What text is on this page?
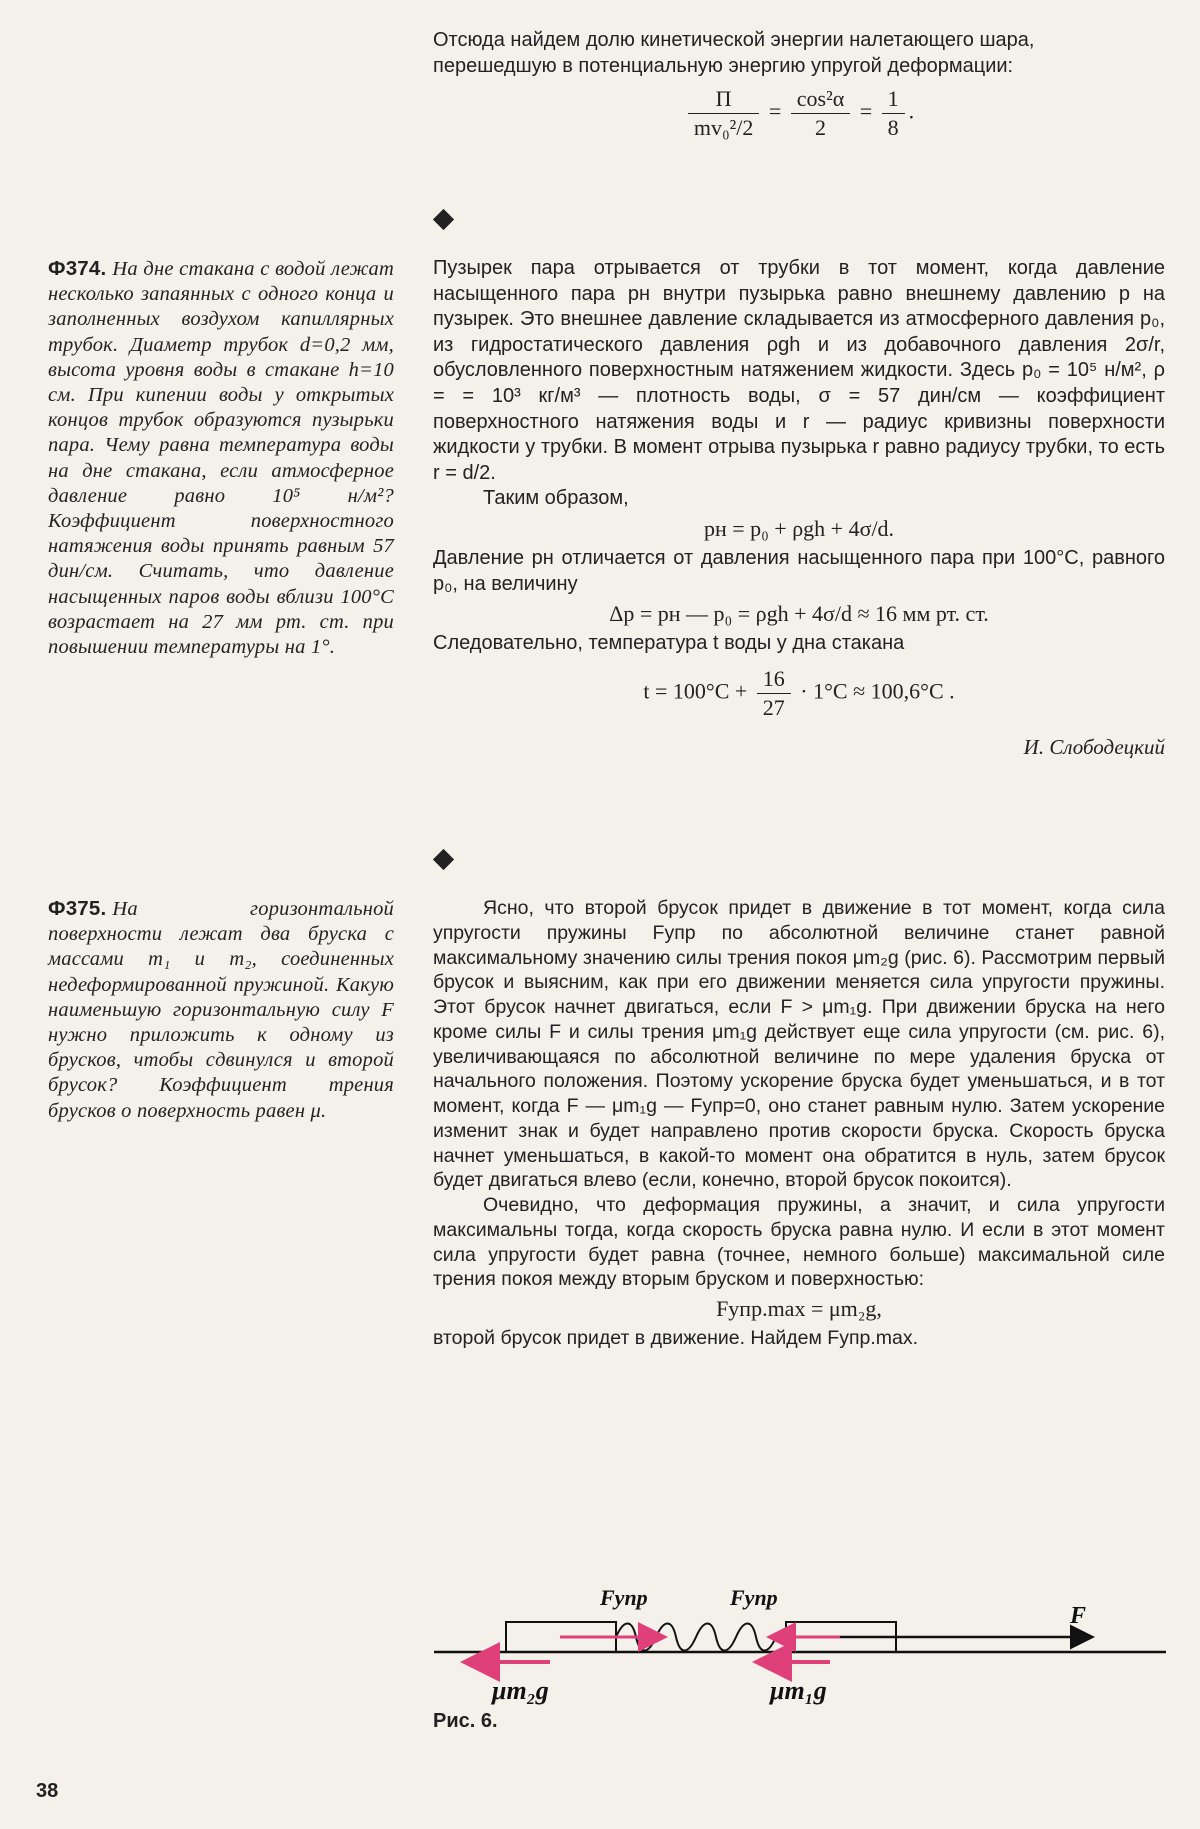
Отсюда найдем долю кинетической энергии налетающего шара,

перешедшую в потенциальную энергию упругой деформации:

$\frac{П}{\text{mv₀²/2}} = \frac{\text{cos²α}}{2} = \frac{1}{8}$ .
Ф374. На дне стакана с водой лежат несколько запаянных с одного конца и заполненных воздухом капиллярных трубок. Диаметр трубок d=0,2 мм, высота уровня воды в стакане h=10 см. При кипении воды у открытых концов трубок образуются пузырьки пара. Чему равна температура воды на дне стакана, если атмосферное давление равно 10⁵ н/м²? Коэффициент поверхностного натяжения воды принять равным 57 дин/см. Считать, что давление насыщенных паров воды вблизи 100°C возрастает на 27 мм рт. ст. при повышении температуры на 1°.

Пузырек пара отрывается от трубки в тот момент, когда давление насыщенного пара pн внутри пузырька равно внешнему давлению p на пузырек. Это внешнее давление складывается из атмосферного давления p₀, из гидростатического давления ρgh и из добавочного давления 2σ/r, обусловленного поверхностным натяжением жидкости. Здесь p₀ = 10⁵ н/м², ρ = = 10³ кг/м³ — плотность воды, σ = 57 дин/см — коэффициент поверхностного натяжения воды и r — радиус кривизны поверхности жидкости у трубки. В момент отрыва пузырька r равно радиусу трубки, то есть r = d/2.

Таким образом,

pн = p₀ + ρgh + 4σ/d.

Давление pн отличается от давления насыщенного пара при 100°C, равного p₀, на величину

Δp = pн — p₀ = ρgh + 4σ/d ≈ 16 мм рт. ст.

Следовательно, температура t воды у дна стакана

$t = 100^\circ C + \frac{16}{27} \cdot 1^\circ C \approx 100,6^\circ C$ .
И. Слободецкий
Ф375. На горизонтальной поверхности лежат два бруска с массами m₁ и m₂, соединенных недеформированной пружиной. Какую наименьшую горизонтальную силу F нужно приложить к одному из брусков, чтобы сдвинулся и второй брусок? Коэффициент трения брусков о поверхность равен μ.

Ясно, что второй брусок придет в движение в тот момент, когда сила упругости пружины Fупр по абсолютной величине станет равной максимальному значению силы трения покоя μm₂g (рис. 6). Рассмотрим первый брусок и выясним, как при его движении меняется сила упругости пружины. Этот брусок начнет двигаться, если F > μm₁g. При движении бруска на него кроме силы F и силы трения μm₁g действует еще сила упругости (см. рис. 6), увеличивающаяся по абсолютной величине по мере удаления бруска от начального положения. Поэтому ускорение бруска будет уменьшаться, и в тот момент, когда F — μm₁g — Fупр=0, оно станет равным нулю. Затем ускорение изменит знак и будет направлено против скорости бруска. Скорость бруска начнет уменьшаться, в какой-то момент она обратится в нуль, затем брусок будет двигаться влево (если, конечно, второй брусок покоится).

Очевидно, что деформация пружины, а значит, и сила упругости максимальны тогда, когда скорость бруска равна нулю. И если в этот момент сила упругости будет равна (точнее, немного больше) максимальной силе трения покоя между вторым бруском и поверхностью:

Fупр.max = μm₂g,

второй брусок придет в движение. Найдем Fупр.max.

Fупр	Fупр
F
μm₂g	μm₁g
Рис. 6.
38
